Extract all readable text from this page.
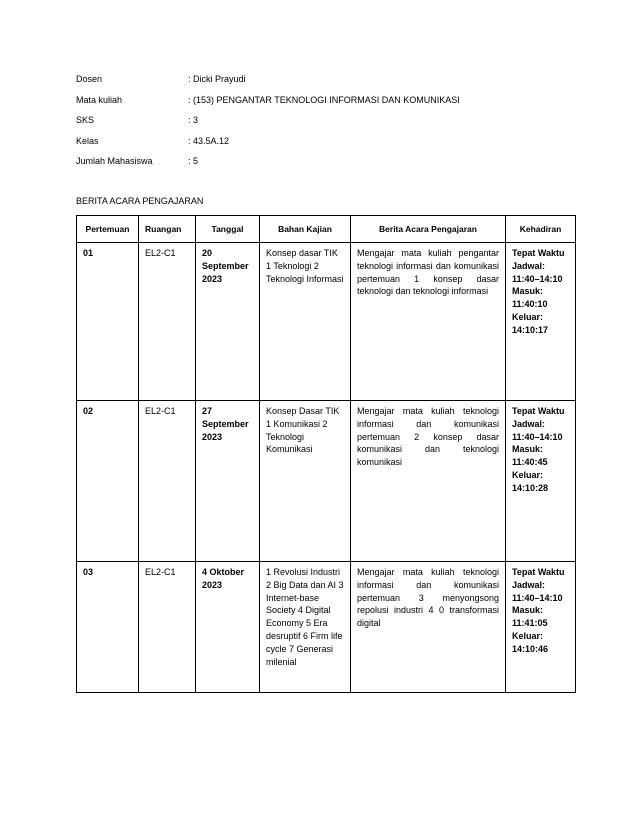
Dosen	: Dicki Prayudi
Mata kuliah	: (153) PENGANTAR TEKNOLOGI INFORMASI DAN KOMUNIKASI
SKS	: 3
Kelas	: 43.5A.12
Jumlah Mahasiswa	: 5
BERITA ACARA PENGAJARAN
Pertemuan	Ruangan	Tanggal	Bahan Kajian	Berita Acara Pengajaran	Kehadiran

01	EL2-C1	20 September 2023	Konsep dasar TIK 1 Teknologi 2 Teknologi Informasi	Mengajar mata kuliah pengantar teknologi informasi dan komunikasi pertemuan 1 konsep dasar teknologi dan teknologi informasi	Tepat Waktu Jadwal: 11:40–14:10 Masuk: 11:40:10 Keluar: 14:10:17

02	EL2-C1	27 September 2023	Konsep Dasar TIK 1 Komunikasi 2 Teknologi Komunikasi	Mengajar mata kuliah teknologi informasi dan komunikasi pertemuan 2 konsep dasar komunikasi dan teknologi komunikasi	Tepat Waktu Jadwal: 11:40–14:10 Masuk: 11:40:45 Keluar: 14:10:28

03	EL2-C1	4 Oktober 2023	1 Revolusi Industri 2 Big Data dan AI 3 Internet-base Society 4 Digital Economy 5 Era desruptif 6 Firm life cycle 7 Generasi milenial	Mengajar mata kuliah teknologi informasi dan komunikasi pertemuan 3 menyongsong repolusi industri 4 0 transformasi digital	Tepat Waktu Jadwal: 11:40–14:10 Masuk: 11:41:05 Keluar: 14:10:46
